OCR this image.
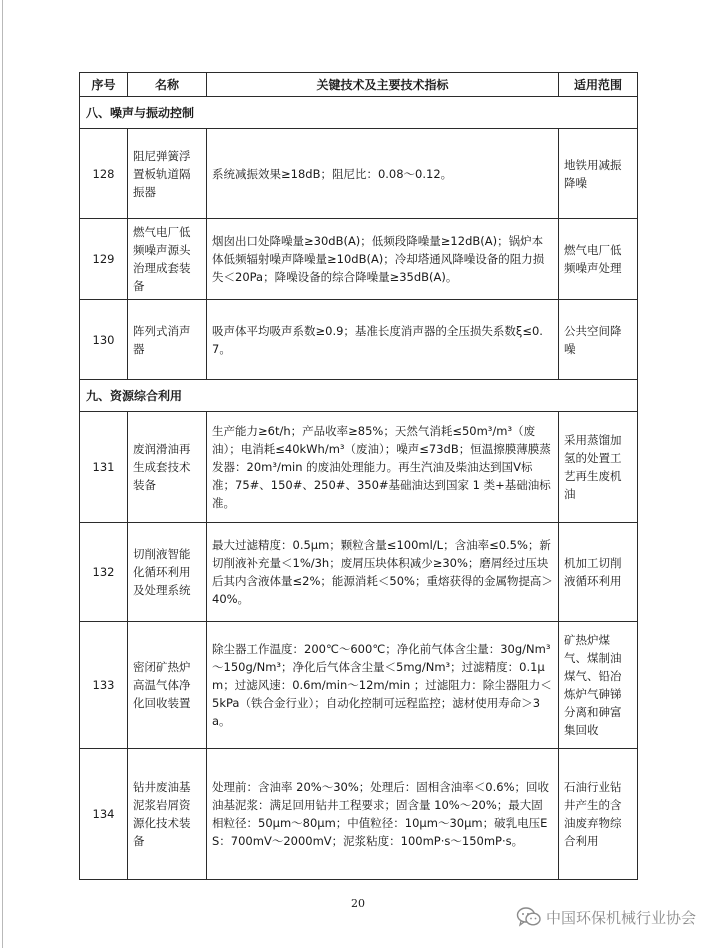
序号	名称	关键技术及主要技术指标	适用范围
八、噪声与振动控制			
128	阻尼弹簧浮置板轨道隔振器	系统减振效果≥18dB；阻尼比：0.08～0.12。	地铁用减振降噪
129	燃气电厂低频噪声源头治理成套装备	烟囱出口处降噪量≥30dB(A)；低频段降噪量≥12dB(A)；锅炉本体低频辐射噪声降噪量≥10dB(A)；冷却塔通风降噪设备的阻力损失＜20Pa；降噪设备的综合降噪量≥35dB(A)。	燃气电厂低频噪声处理
130	阵列式消声器	吸声体平均吸声系数≥0.9；基准长度消声器的全压损失系数ξ≤0.7。	公共空间降噪
九、资源综合利用			
131	废润滑油再生成套技术装备	生产能力≥6t/h；产品收率≥85%；天然气消耗≤50m³/m³（废油）；电消耗≤40kWh/m³（废油）；噪声≤73dB；恒温擦膜薄膜蒸发器：20m³/min 的废油处理能力。再生汽油及柴油达到国Ⅴ标准；75#、150#、250#、350#基础油达到国家 1 类+基础油标准。	采用蒸馏加氢的处置工艺再生废机油
132	切削液智能化循环利用及处理系统	最大过滤精度：0.5μm；颗粒含量≤100ml/L；含油率≤0.5%；新切削液补充量＜1%/3h；废屑压块体积减少≥30%；磨屑经过压块后其内含液体量≤2%；能源消耗＜50%；重熔获得的金属物提高＞40%。	机加工切削液循环利用
133	密闭矿热炉高温气体净化回收装置	除尘器工作温度：200℃～600℃；净化前气体含尘量：30g/Nm³～150g/Nm³；净化后气体含尘量＜5mg/Nm³；过滤精度：0.1μm；过滤风速：0.6m/min～12m/min ；过滤阻力：除尘器阻力＜5kPa（铁合金行业）；自动化控制可远程监控；滤材使用寿命＞3a。	矿热炉煤气、煤制油煤气、铅冶炼炉气砷锑分离和砷富集回收
134	钻井废油基泥浆岩屑资源化技术装备	处理前：含油率 20%～30%；处理后：固相含油率＜0.6%；回收油基泥浆：满足回用钻井工程要求；固含量 10%～20%；最大固相粒径：50μm～80μm；中值粒径：10μm～30μm；破乳电压ES：700mV～2000mV；泥浆粘度：100mP·s～150mP·s。	石油行业钻井产生的含油废弃物综合利用
20
中国环保机械行业协会
